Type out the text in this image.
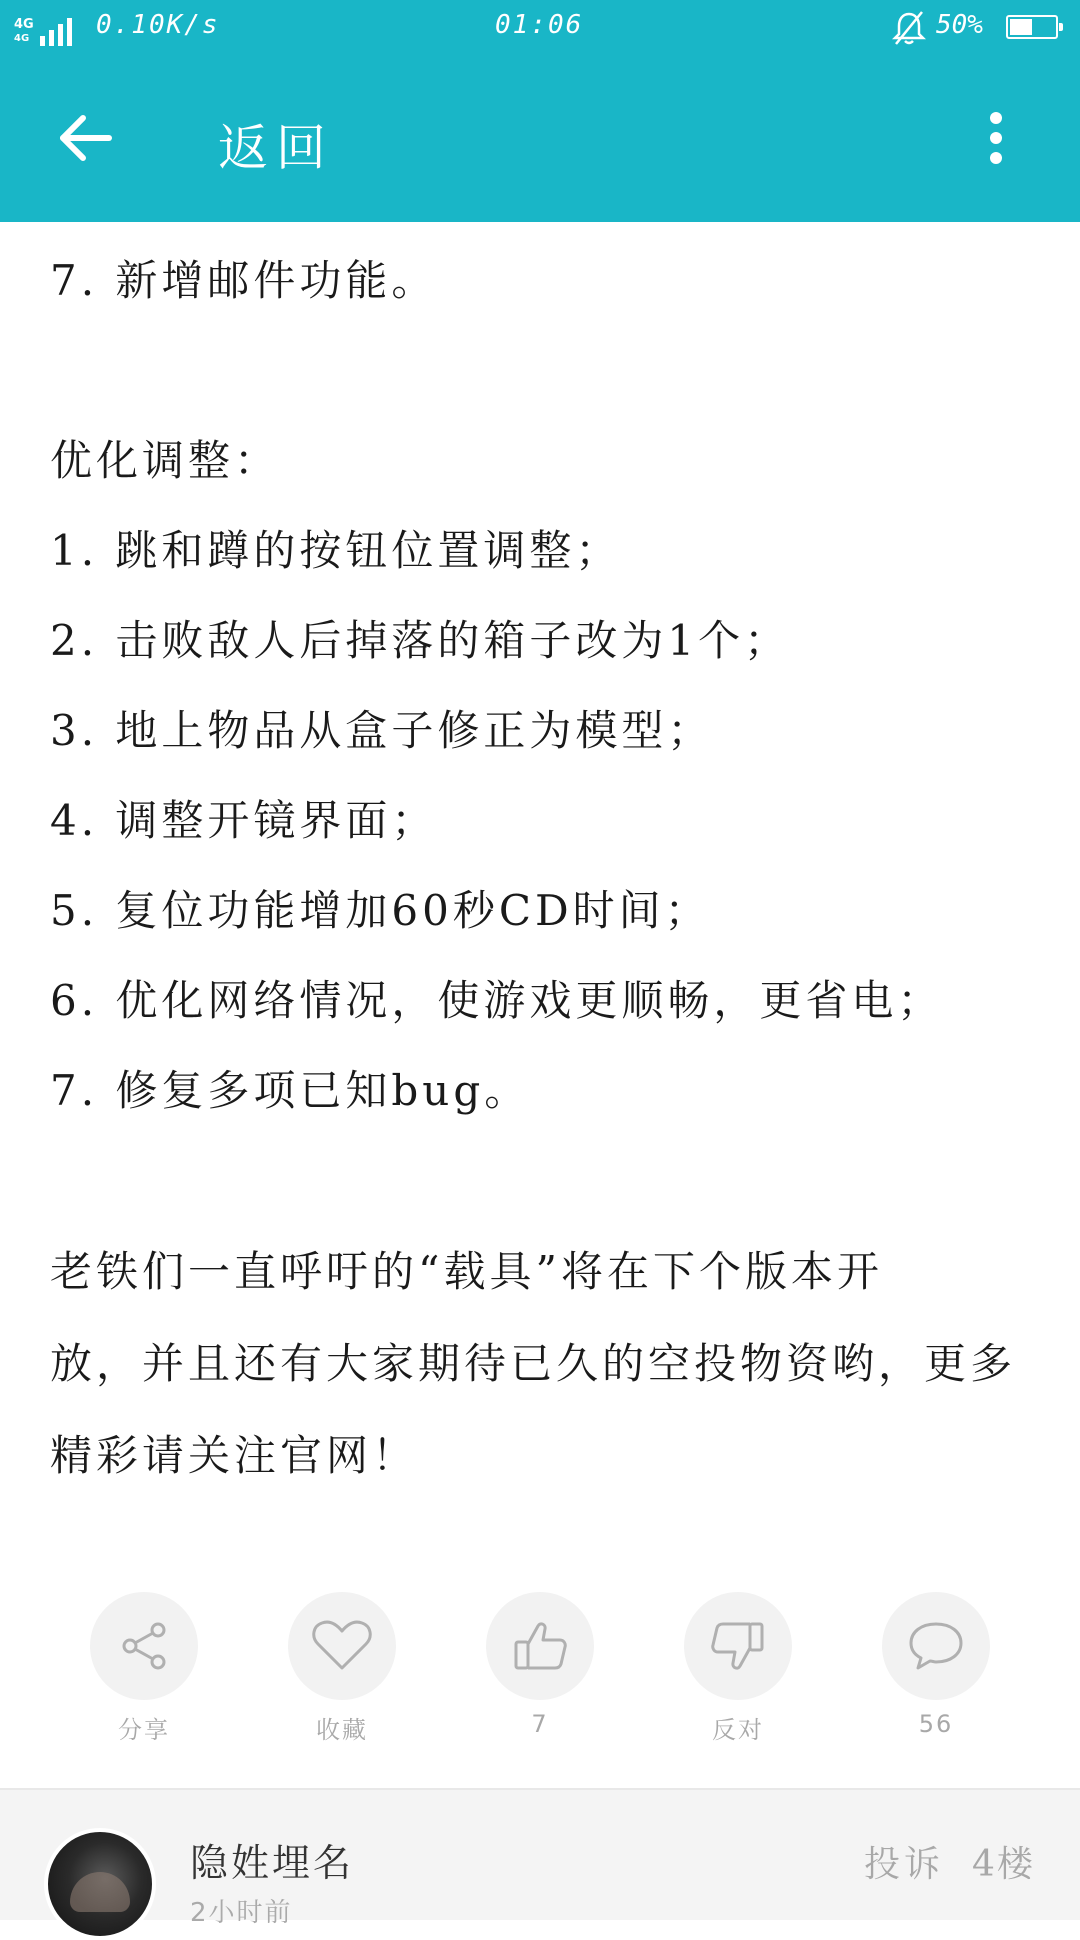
4G
4G	0.10K/s	01:06	50%
返回
7. 新增邮件功能。
优化调整：
1. 跳和蹲的按钮位置调整；
2. 击败敌人后掉落的箱子改为1个；
3. 地上物品从盒子修正为模型；
4. 调整开镜界面；
5. 复位功能增加60秒CD时间；
6. 优化网络情况，使游戏更顺畅，更省电；
7. 修复多项已知bug。
老铁们一直呼吁的“载具”将在下个版本开
放，并且还有大家期待已久的空投物资哟，更多
精彩请关注官网！
分享	收藏	7	反对	56
隐姓埋名
2小时前
投诉 4楼
